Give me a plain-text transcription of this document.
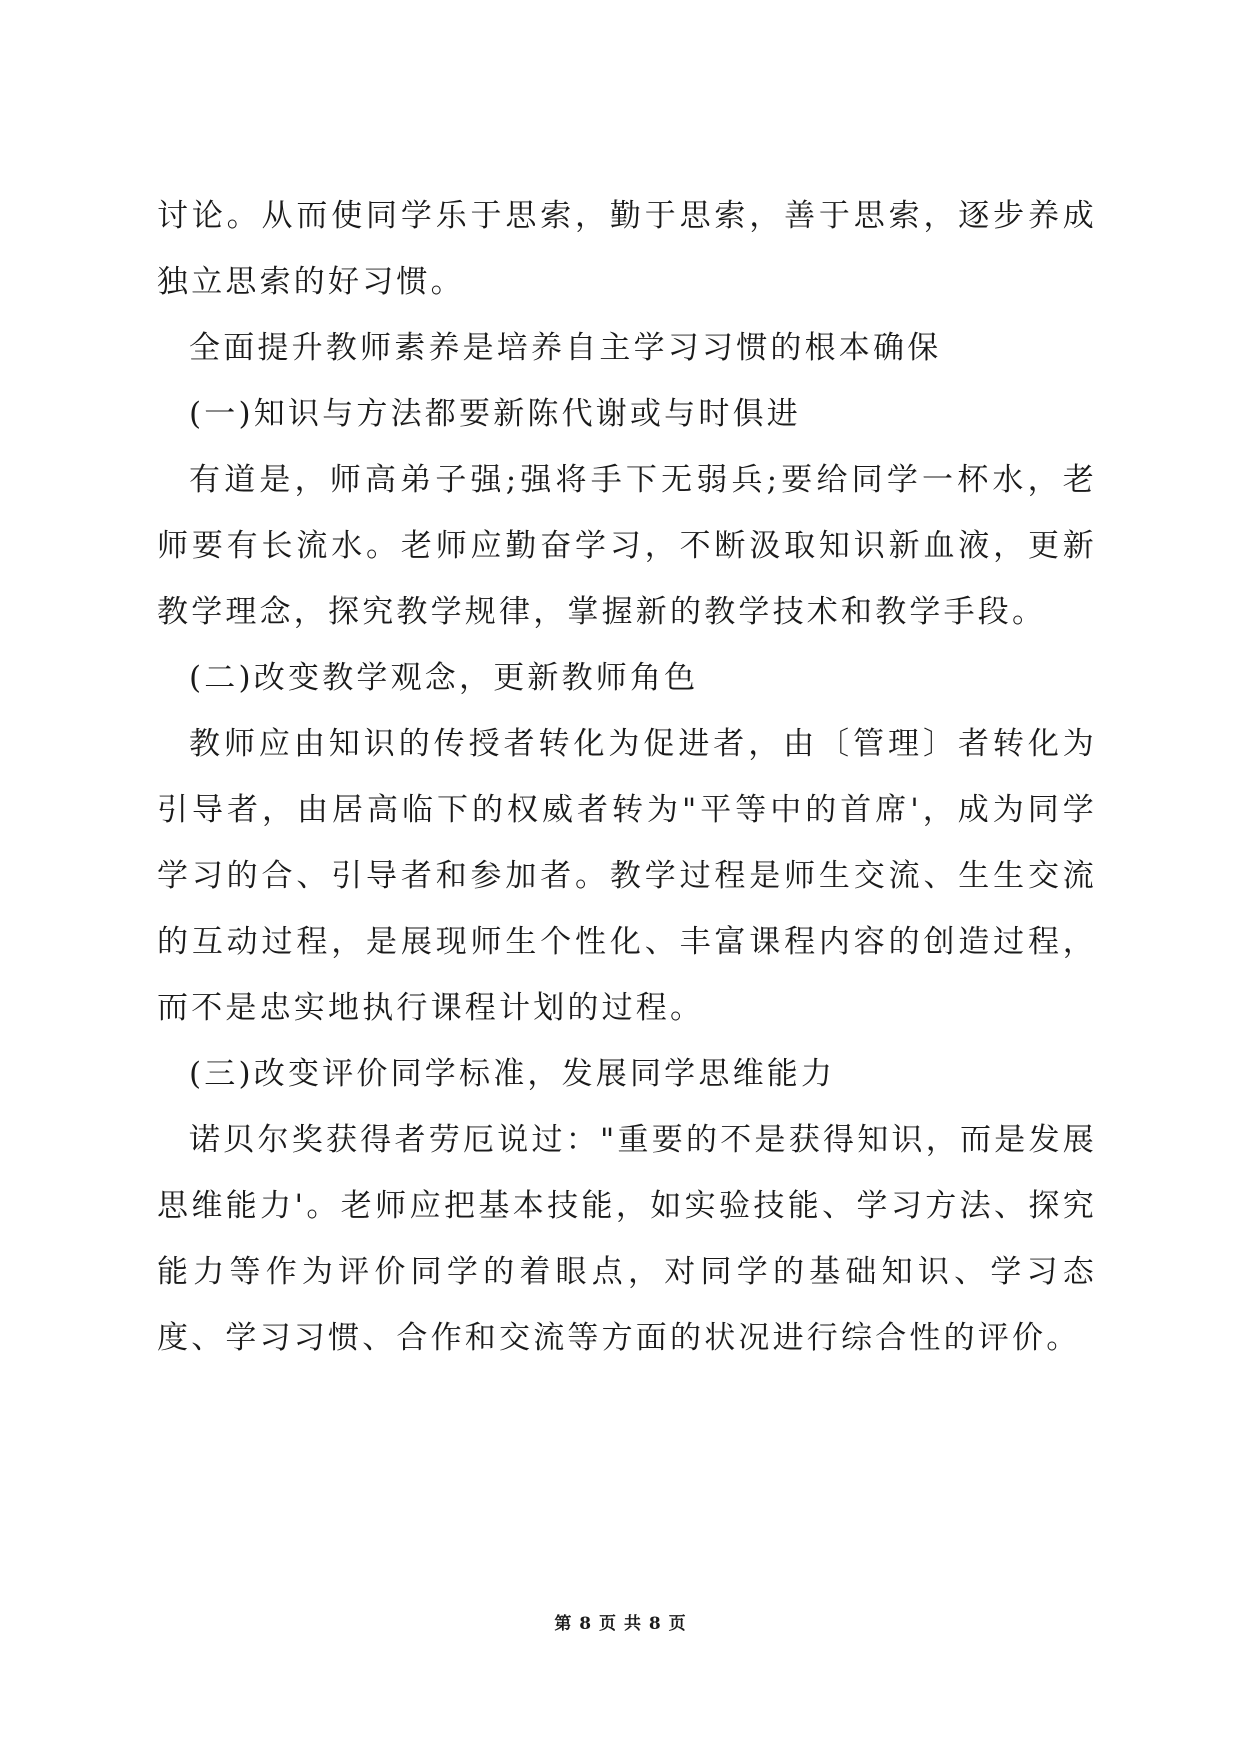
讨论。从而使同学乐于思索，勤于思索，善于思索，逐步养成独立思索的好习惯。

全面提升教师素养是培养自主学习习惯的根本确保

(一)知识与方法都要新陈代谢或与时俱进

有道是，师高弟子强;强将手下无弱兵;要给同学一杯水，老师要有长流水。老师应勤奋学习，不断汲取知识新血液，更新教学理念，探究教学规律，掌握新的教学技术和教学手段。

(二)改变教学观念，更新教师角色

教师应由知识的传授者转化为促进者，由〔管理〕者转化为引导者，由居高临下的权威者转为"平等中的首席'，成为同学学习的合、引导者和参加者。教学过程是师生交流、生生交流的互动过程，是展现师生个性化、丰富课程内容的创造过程，而不是忠实地执行课程计划的过程。

(三)改变评价同学标准，发展同学思维能力

诺贝尔奖获得者劳厄说过："重要的不是获得知识，而是发展思维能力'。老师应把基本技能，如实验技能、学习方法、探究能力等作为评价同学的着眼点，对同学的基础知识、学习态度、学习习惯、合作和交流等方面的状况进行综合性的评价。

第 8 页 共 8 页
